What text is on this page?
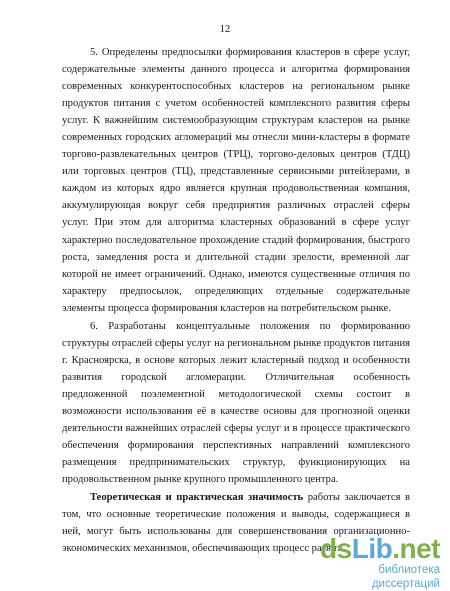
12

5. Определены предпосылки формирования кластеров в сфере услуг, содержательные элементы данного процесса и алгоритма формирования современных конкурентоспособных кластеров на региональном рынке продуктов питания с учетом особенностей комплексного развития сферы услуг. К важнейшим системообразующим структурам кластеров на рынке современных городских агломераций мы отнесли мини-кластеры в формате торгово-развлекательных центров (ТРЦ), торгово-деловых центров (ТДЦ) или торговых центров (ТЦ), представленные сервисными ритейлерами, в каждом из которых ядро является крупная продовольственная компания, аккумулирующая вокруг себя предприятия различных отраслей сферы услуг. При этом для алгоритма кластерных образований в сфере услуг характерно последовательное прохождение стадий формирования, быстрого роста, замедления роста и длительной стадии зрелости, временной лаг которой не имеет ограничений. Однако, имеются существенные отличия по характеру предпосылок, определяющих отдельные содержательные элементы процесса формирования кластеров на потребительском рынке.

6. Разработаны концептуальные положения по формированию структуры отраслей сферы услуг на региональном рынке продуктов питания г. Красноярска, в основе которых лежит кластерный подход и особенности развития городской агломерации. Отличительная особенность предложенной поэлементной методологической схемы состоит в возможности использования её в качестве основы для прогнозной оценки деятельности важнейших отраслей сферы услуг и в процессе практического обеспечения формирования перспективных направлений комплексного размещения предпринимательских структур, функционирующих на продовольственном рынке крупного промышленного центра.

Теоретическая и практическая значимость работы заключается в том, что основные теоретические положения и выводы, содержащиеся в ней, могут быть использованы для совершенствования организационно-экономических механизмов, обеспечивающих процесс развит

dsLib.net
библиотека диссертаций
